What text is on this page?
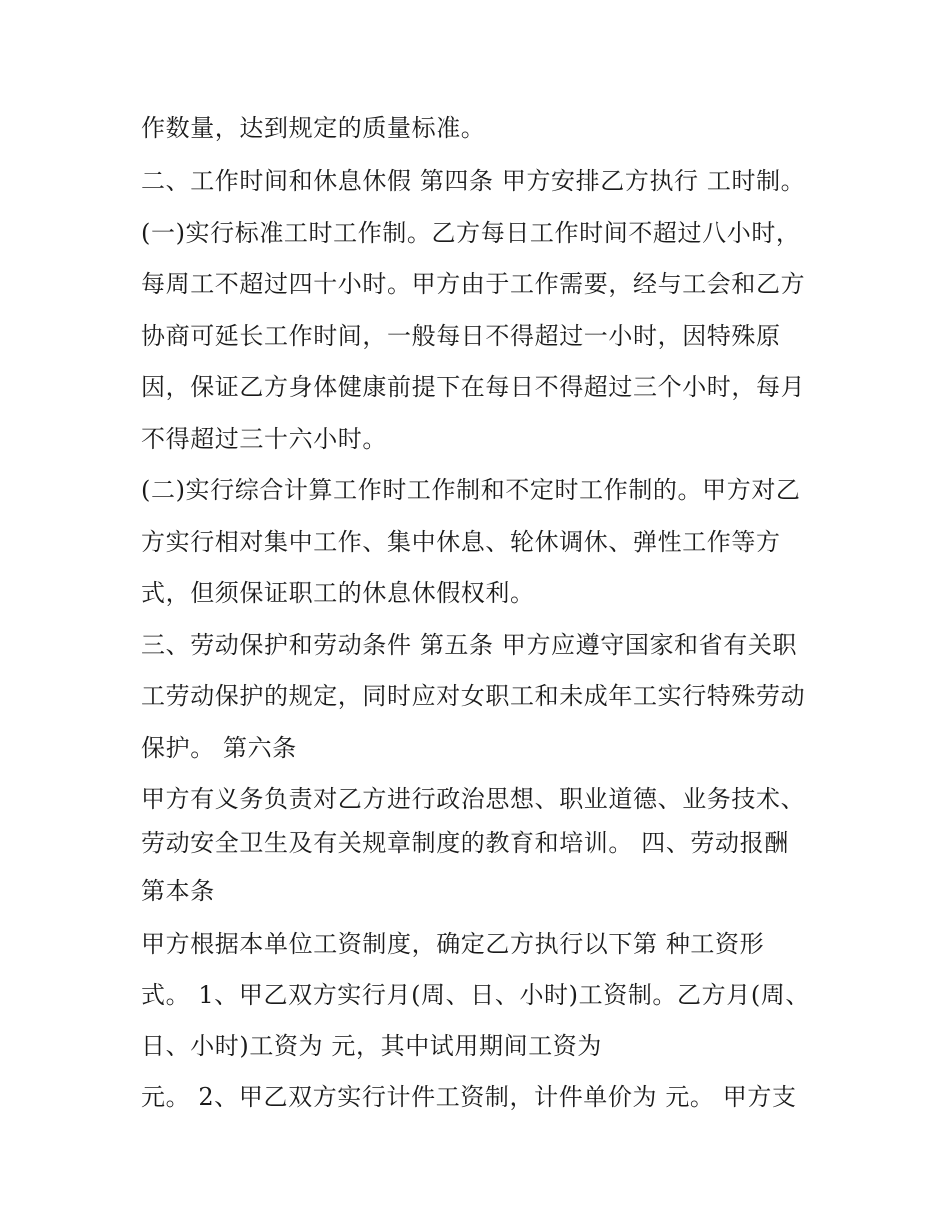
作数量，达到规定的质量标准。

二、工作时间和休息休假 第四条 甲方安排乙方执行 工时制。

(一)实行标准工时工作制。乙方每日工作时间不超过八小时，

每周工不超过四十小时。甲方由于工作需要，经与工会和乙方

协商可延长工作时间，一般每日不得超过一小时，因特殊原

因，保证乙方身体健康前提下在每日不得超过三个小时，每月

不得超过三十六小时。

(二)实行综合计算工作时工作制和不定时工作制的。甲方对乙

方实行相对集中工作、集中休息、轮休调休、弹性工作等方

式，但须保证职工的休息休假权利。

三、劳动保护和劳动条件 第五条 甲方应遵守国家和省有关职

工劳动保护的规定，同时应对女职工和未成年工实行特殊劳动

保护。 第六条

甲方有义务负责对乙方进行政治思想、职业道德、业务技术、

劳动安全卫生及有关规章制度的教育和培训。 四、劳动报酬

第本条

甲方根据本单位工资制度，确定乙方执行以下第 种工资形

式。 1、甲乙双方实行月(周、日、小时)工资制。乙方月(周、

日、小时)工资为 元，其中试用期间工资为

元。 2、甲乙双方实行计件工资制，计件单价为 元。 甲方支
